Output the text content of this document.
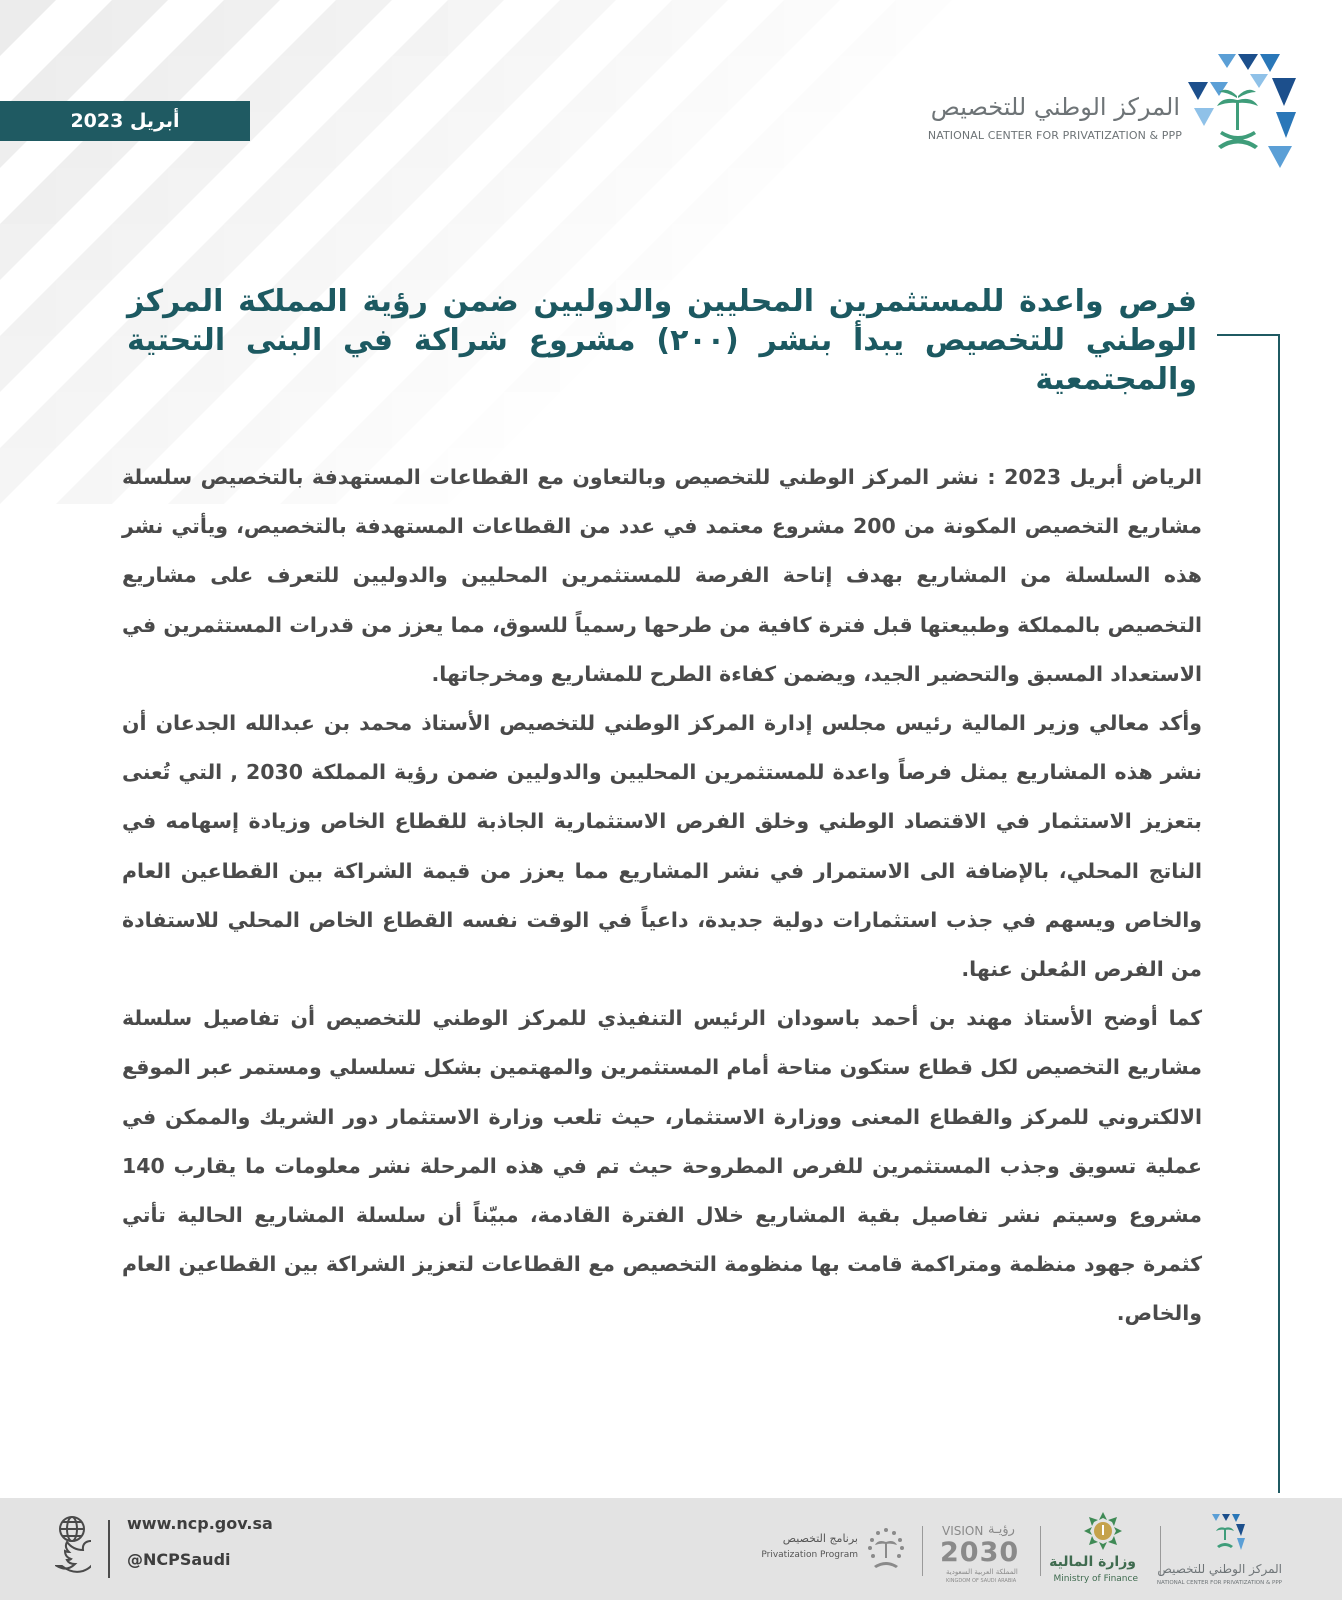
أبريل 2023	المركز الوطني للتخصيص
NATIONAL CENTER FOR PRIVATIZATION & PPP
فرص واعدة للمستثمرين المحليين والدوليين ضمن رؤية المملكة المركز الوطني للتخصيص يبدأ بنشر (٢٠٠) مشروع شراكة في البنى التحتية والمجتمعية

الرياض أبريل 2023 : نشر المركز الوطني للتخصيص وبالتعاون مع القطاعات المستهدفة بالتخصيص سلسلة مشاريع التخصيص المكونة من 200 مشروع معتمد في عدد من القطاعات المستهدفة بالتخصيص، ويأتي نشر هذه السلسلة من المشاريع بهدف إتاحة الفرصة للمستثمرين المحليين والدوليين للتعرف على مشاريع التخصيص بالمملكة وطبيعتها قبل فترة كافية من طرحها رسمياً للسوق، مما يعزز من قدرات المستثمرين في الاستعداد المسبق والتحضير الجيد، ويضمن كفاءة الطرح للمشاريع ومخرجاتها.

وأكد معالي وزير المالية رئيس مجلس إدارة المركز الوطني للتخصيص الأستاذ محمد بن عبدالله الجدعان أن نشر هذه المشاريع يمثل فرصاً واعدة للمستثمرين المحليين والدوليين ضمن رؤية المملكة 2030 , التي تُعنى بتعزيز الاستثمار في الاقتصاد الوطني وخلق الفرص الاستثمارية الجاذبة للقطاع الخاص وزيادة إسهامه في الناتج المحلي، بالإضافة الى الاستمرار في نشر المشاريع مما يعزز من قيمة الشراكة بين القطاعين العام والخاص ويسهم في جذب استثمارات دولية جديدة، داعياً في الوقت نفسه القطاع الخاص المحلي للاستفادة من الفرص المُعلن عنها.

كما أوضح الأستاذ مهند بن أحمد باسودان الرئيس التنفيذي للمركز الوطني للتخصيص أن تفاصيل سلسلة مشاريع التخصيص لكل قطاع ستكون متاحة أمام المستثمرين والمهتمين بشكل تسلسلي ومستمر عبر الموقع الالكتروني للمركز والقطاع المعنى ووزارة الاستثمار، حيث تلعب وزارة الاستثمار دور الشريك والممكن في عملية تسويق وجذب المستثمرين للفرص المطروحة حيث تم في هذه المرحلة نشر معلومات ما يقارب 140 مشروع وسيتم نشر تفاصيل بقية المشاريع خلال الفترة القادمة، مبيّناً أن سلسلة المشاريع الحالية تأتي كثمرة جهود منظمة ومتراكمة قامت بها منظومة التخصيص مع القطاعات لتعزيز الشراكة بين القطاعين العام والخاص.

www.ncp.gov.sa
@NCPSaudi
برنامج التخصيص
Privatization Program
VISION رؤيـة
2030
المملكة العربية السعودية
KINGDOM OF SAUDI ARABIA
وزارة المالية
Ministry of Finance
المركز الوطني للتخصيص
NATIONAL CENTER FOR PRIVATIZATION & PPP
